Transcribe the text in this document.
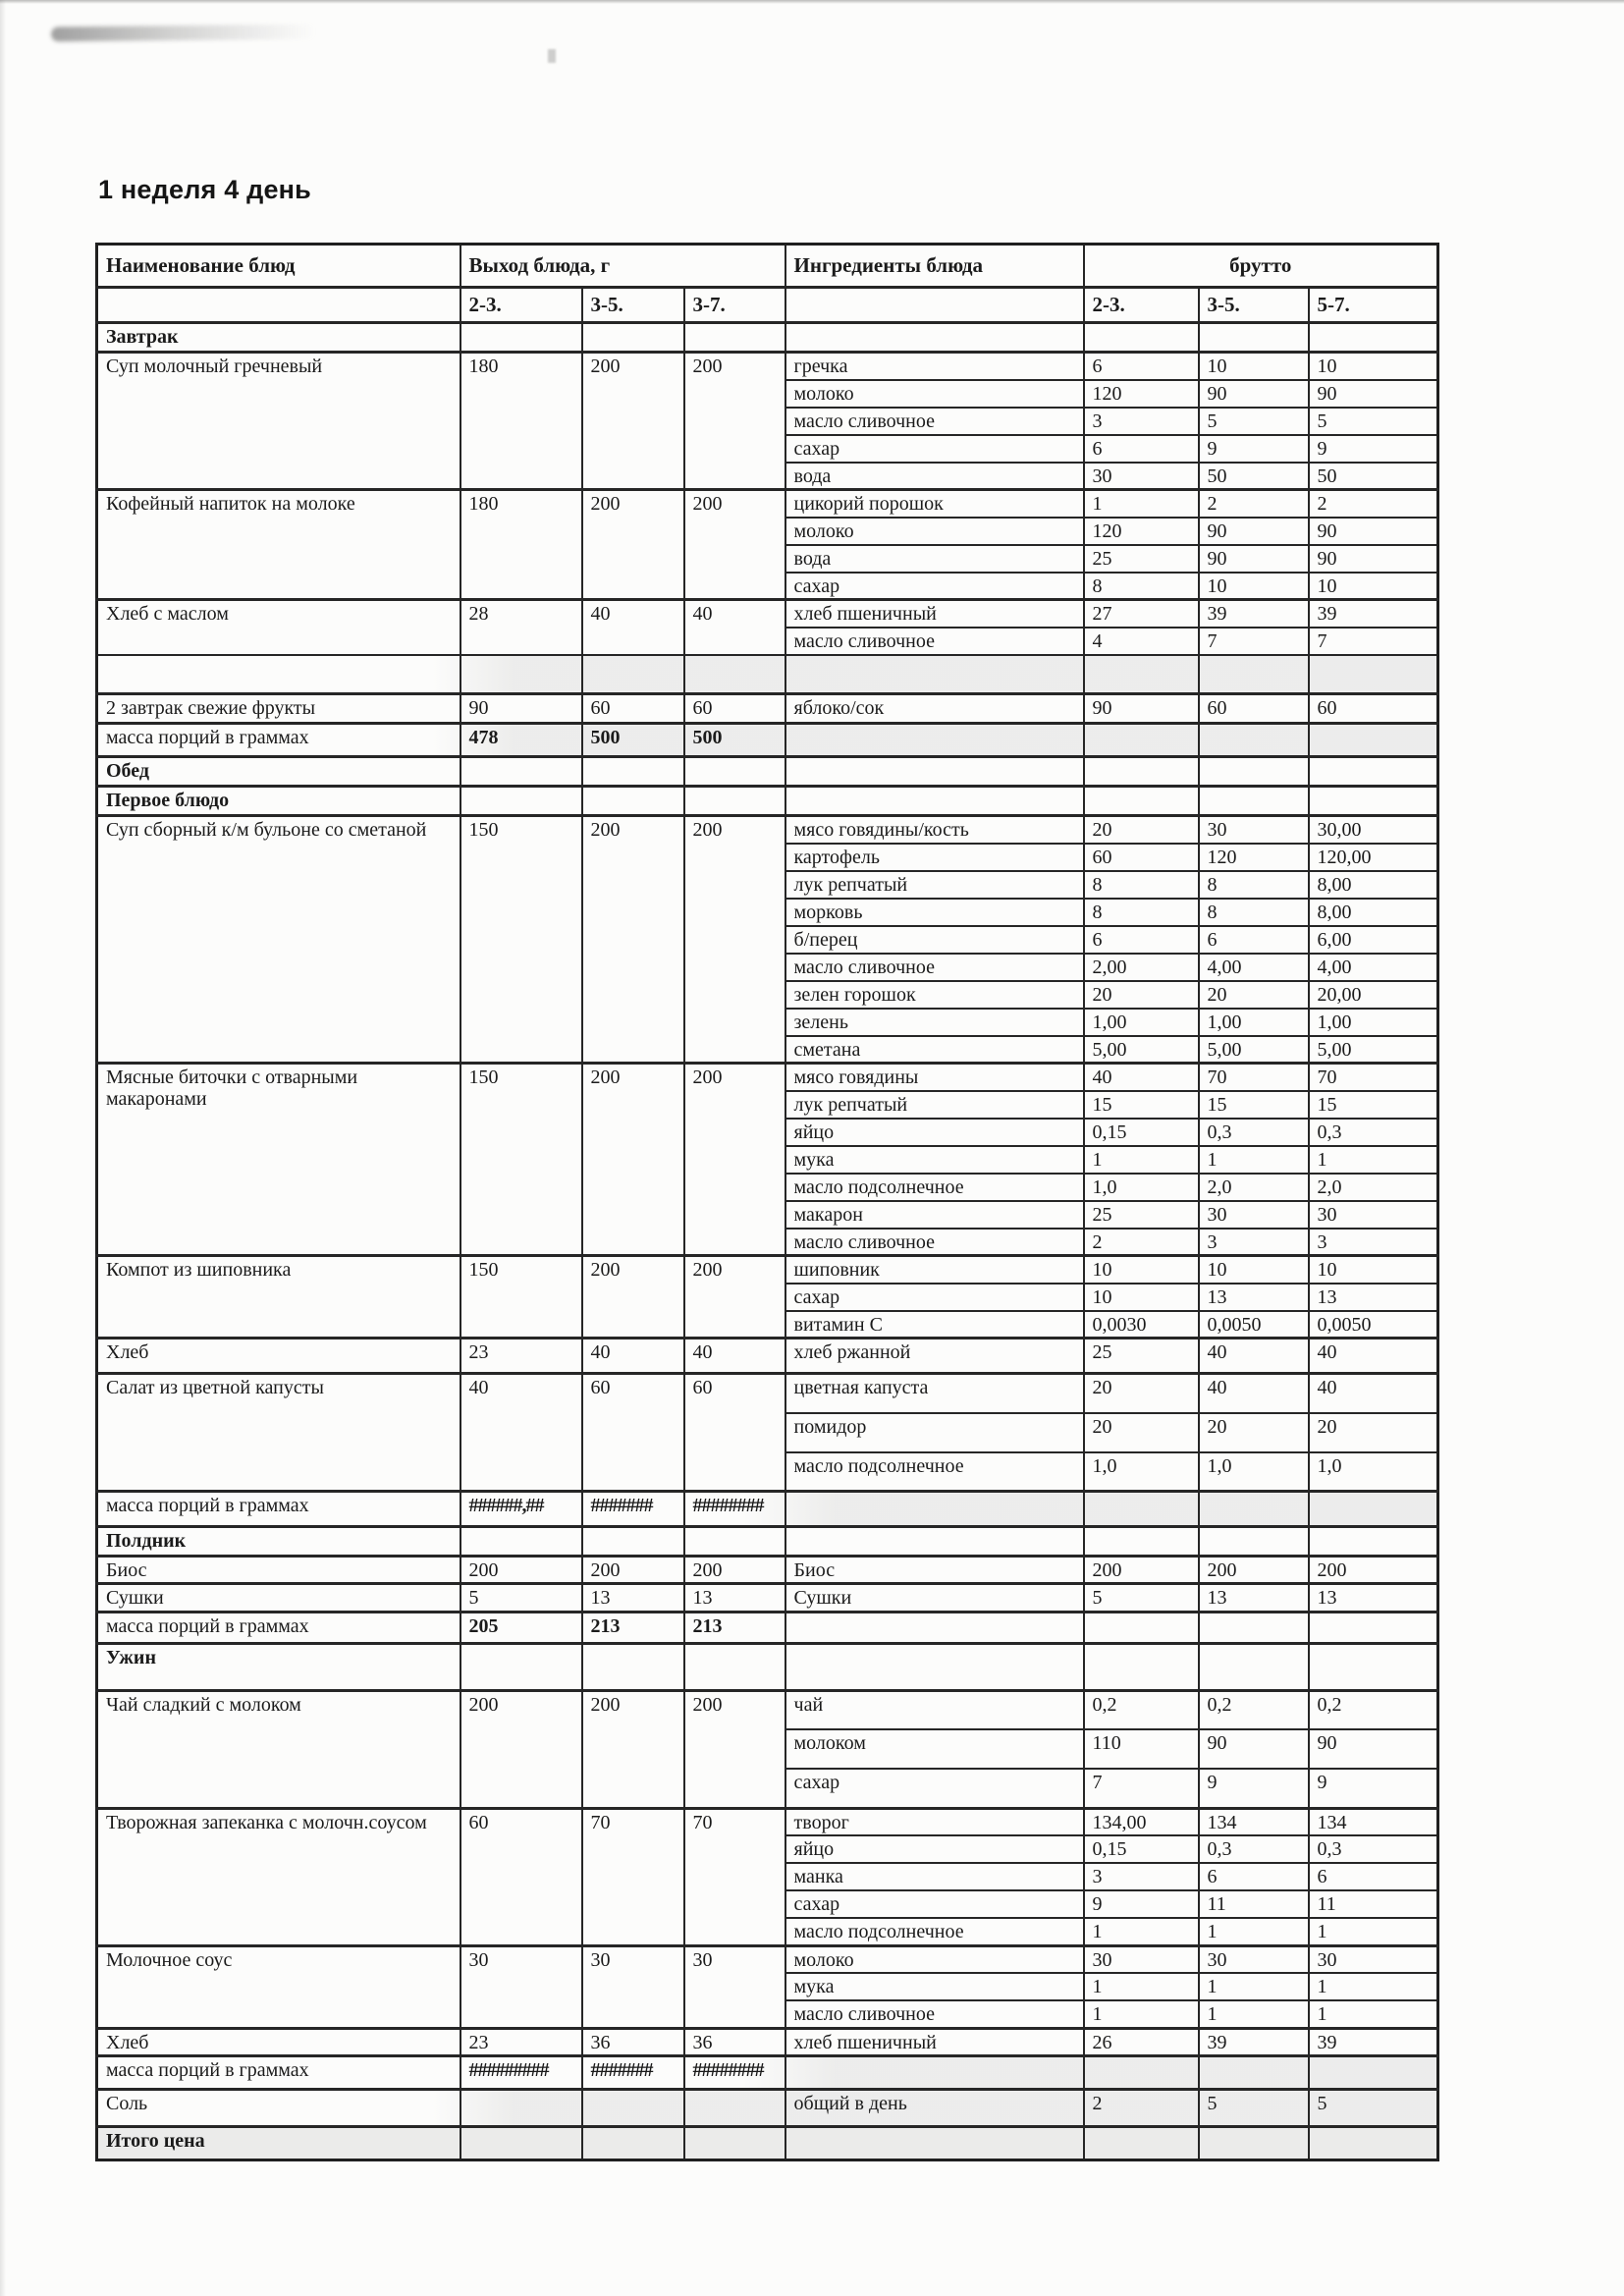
1 неделя 4 день
Наименование блюд	Выход блюда, г			Ингредиенты блюда	брутто		
	2-3.	3-5.	3-7.		2-3.	3-5.	5-7.
Завтрак							
Суп молочный гречневый	180	200	200	гречка	6	10	10
				молоко	120	90	90
				масло сливочное	3	5	5
				сахар	6	9	9
				вода	30	50	50
Кофейный напиток на молоке	180	200	200	цикорий порошок	1	2	2
				молоко	120	90	90
				вода	25	90	90
				сахар	8	10	10
Хлеб с маслом	28	40	40	хлеб пшеничный	27	39	39
				масло сливочное	4	7	7

2 завтрак свежие фрукты	90	60	60	яблоко/сок	90	60	60
масса порций в граммах	478	500	500				
Обед							
Первое блюдо							
Суп сборный к/м бульоне со сметаной	150	200	200	мясо говядины/кость	20	30	30,00
				картофель	60	120	120,00
				лук репчатый	8	8	8,00
				морковь	8	8	8,00
				б/перец	6	6	6,00
				масло сливочное	2,00	4,00	4,00
				зелен горошок	20	20	20,00
				зелень	1,00	1,00	1,00
				сметана	5,00	5,00	5,00
Мясные биточки с отварными макаронами	150	200	200	мясо говядины	40	70	70
				лук репчатый	15	15	15
				яйцо	0,15	0,3	0,3
				мука	1	1	1
				масло подсолнечное	1,0	2,0	2,0
				макарон	25	30	30
				масло сливочное	2	3	3
Компот из шиповника	150	200	200	шиповник	10	10	10
				сахар	10	13	13
				витамин С	0,0030	0,0050	0,0050
Хлеб	23	40	40	хлеб ржанной	25	40	40
Салат из цветной капусты	40	60	60	цветная капуста	20	40	40
				помидор	20	20	20
				масло подсолнечное	1,0	1,0	1,0
масса порций в граммах	######,##	#######	########				
Полдник							
Биос	200	200	200	Биос	200	200	200
Сушки	5	13	13	Сушки	5	13	13
масса порций в граммах	205	213	213				
Ужин							
Чай сладкий с молоком	200	200	200	чай	0,2	0,2	0,2
				молоком	110	90	90
				сахар	7	9	9
Творожная запеканка с молочн.соусом	60	70	70	творог	134,00	134	134
				яйцо	0,15	0,3	0,3
				манка	3	6	6
				сахар	9	11	11
				масло подсолнечное	1	1	1
Молочное соус	30	30	30	молоко	30	30	30
				мука	1	1	1
				масло сливочное	1	1	1
Хлеб	23	36	36	хлеб пшеничный	26	39	39
масса порций в граммах	#########	#######	########				
Соль				общий в день	2	5	5
Итого цена							
